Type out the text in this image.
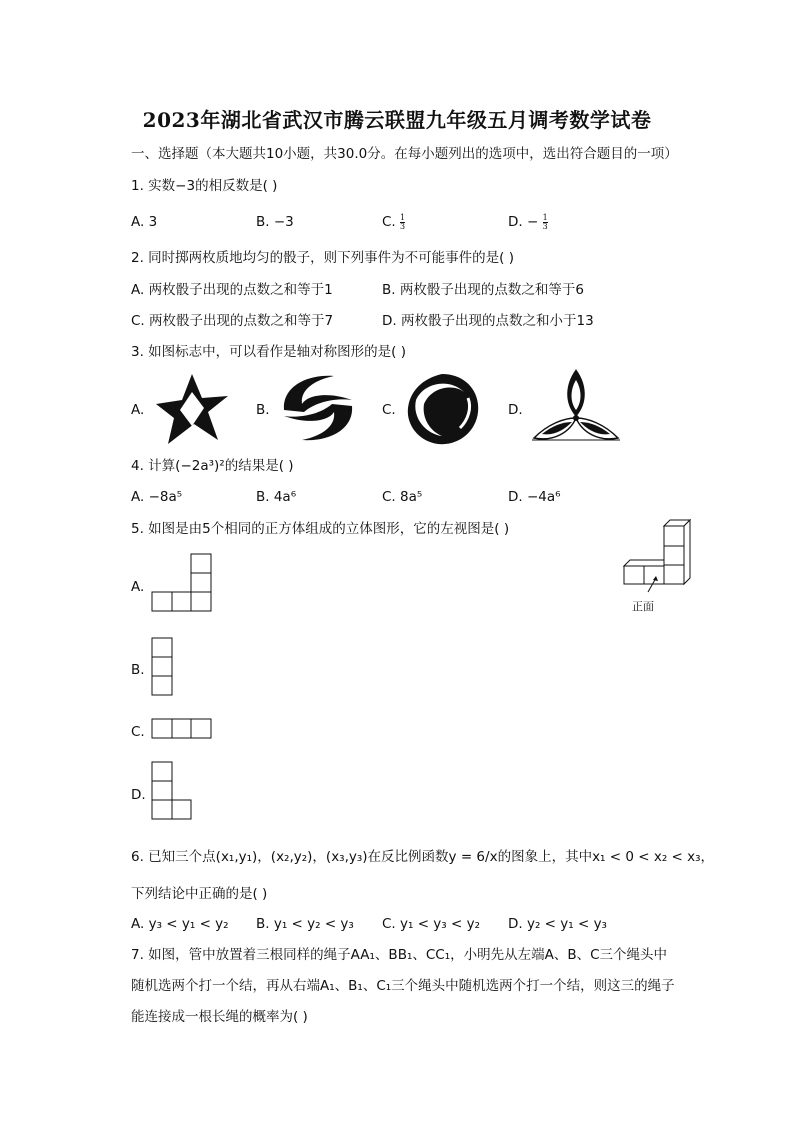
2023年湖北省武汉市腾云联盟九年级五月调考数学试卷
一、选择题（本大题共10小题，共30.0分。在每小题列出的选项中，选出符合题目的一项）
1. 实数−3的相反数是( )
A. 3	B. −3	C. $\frac{1}{3}$	D. − $\frac{1}{3}$
2. 同时掷两枚质地均匀的骰子，则下列事件为不可能事件的是( )
A. 两枚骰子出现的点数之和等于1	B. 两枚骰子出现的点数之和等于6
C. 两枚骰子出现的点数之和等于7	D. 两枚骰子出现的点数之和小于13
3. 如图标志中，可以看作是轴对称图形的是( )
A.	B.	C.	D.
4. 计算(−2a³)²的结果是( )
A. −8a⁵	B. 4a⁶	C. 8a⁵	D. −4a⁶
5. 如图是由5个相同的正方体组成的立体图形，它的左视图是( )
正面
A.
B.
C.
D.
6. 已知三个点(x₁,y₁)，(x₂,y₂)，(x₃,y₃)在反比例函数y = 6/x的图象上，其中x₁ < 0 < x₂ < x₃，
下列结论中正确的是( )
A. y₃ < y₁ < y₂ B. y₁ < y₂ < y₃ C. y₁ < y₃ < y₂ D. y₂ < y₁ < y₃
7. 如图，管中放置着三根同样的绳子AA₁、BB₁、CC₁，小明先从左端A、B、C三个绳头中
随机选两个打一个结，再从右端A₁、B₁、C₁三个绳头中随机选两个打一个结，则这三的绳子
能连接成一根长绳的概率为( )
